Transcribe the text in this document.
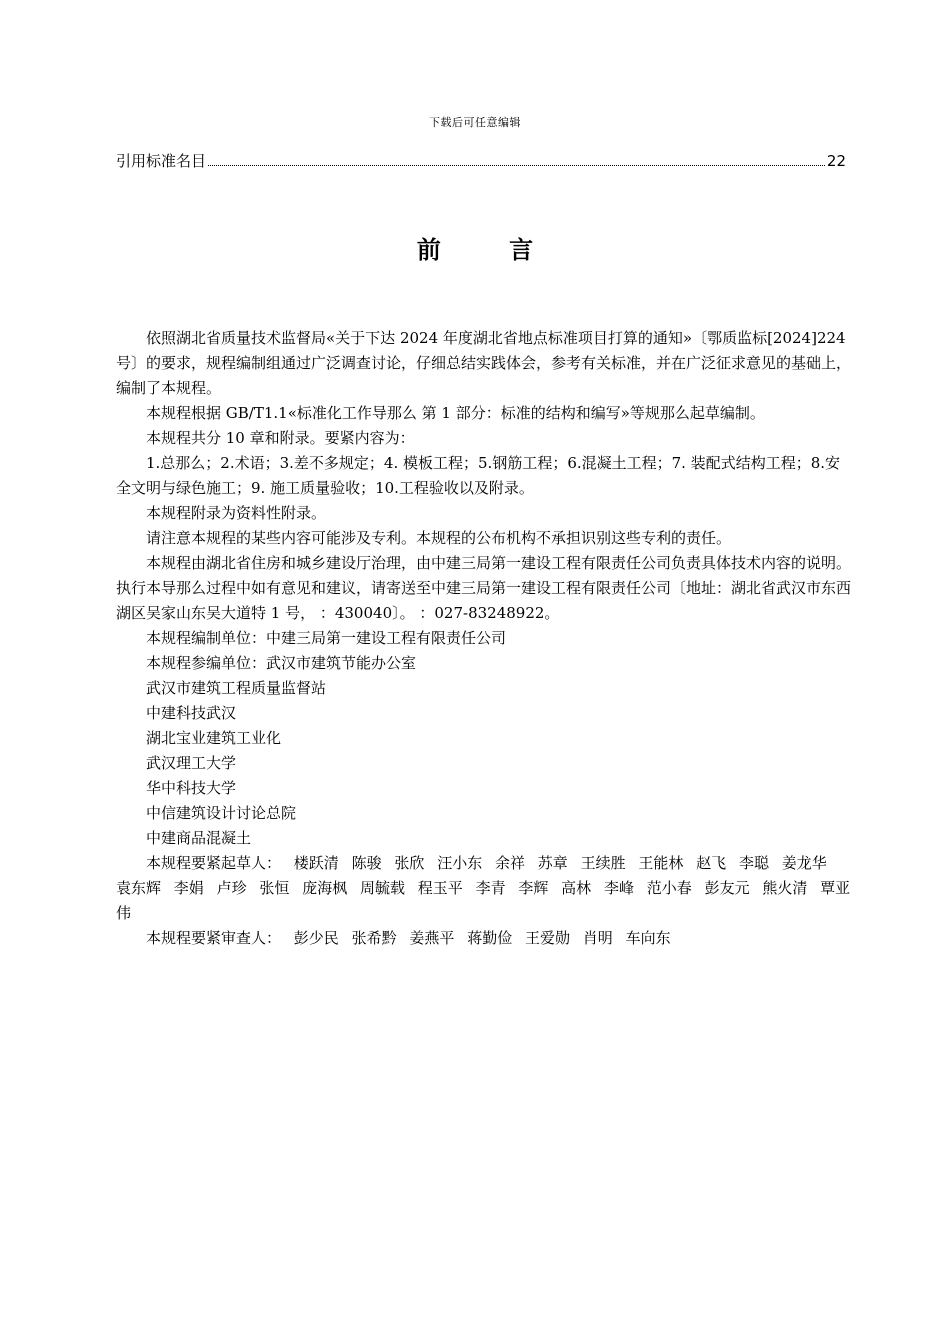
下载后可任意编辑
引用标准名目	22
前 言

依照湖北省质量技术监督局«关于下达 2024 年度湖北省地点标准项目打算的通知»〔鄂质监标[2024]224 号〕的要求，规程编制组通过广泛调查讨论，仔细总结实践体会，参考有关标准，并在广泛征求意见的基础上，编制了本规程。

本规程根据 GB/T1.1«标准化工作导那么 第 1 部分：标准的结构和编写»等规那么起草编制。

本规程共分 10 章和附录。要紧内容为：

1.总那么；2.术语；3.差不多规定；4. 模板工程；5.钢筋工程；6.混凝土工程；7. 装配式结构工程；8.安全文明与绿色施工；9. 施工质量验收；10.工程验收以及附录。

本规程附录为资料性附录。

请注意本规程的某些内容可能涉及专利。本规程的公布机构不承担识别这些专利的责任。

本规程由湖北省住房和城乡建设厅治理，由中建三局第一建设工程有限责任公司负责具体技术内容的说明。执行本导那么过程中如有意见和建议，请寄送至中建三局第一建设工程有限责任公司〔地址：湖北省武汉市东西湖区吴家山东吴大道特 1 号， ：430040〕。 ：027-83248922。

本规程编制单位：中建三局第一建设工程有限责任公司

本规程参编单位：武汉市建筑节能办公室

武汉市建筑工程质量监督站

中建科技武汉

湖北宝业建筑工业化

武汉理工大学

华中科技大学

中信建筑设计讨论总院

中建商品混凝土

本规程要紧起草人： 楼跃清 陈骏 张欣 汪小东 余祥 苏章 王续胜 王能林 赵飞 李聪 姜龙华 袁东辉 李娟 卢珍 张恒 庞海枫 周毓载 程玉平 李青 李辉 高林 李峰 范小春 彭友元 熊火清 覃亚伟

本规程要紧审查人： 彭少民 张希黔 姜燕平 蒋勤俭 王爱勋 肖明 车向东
